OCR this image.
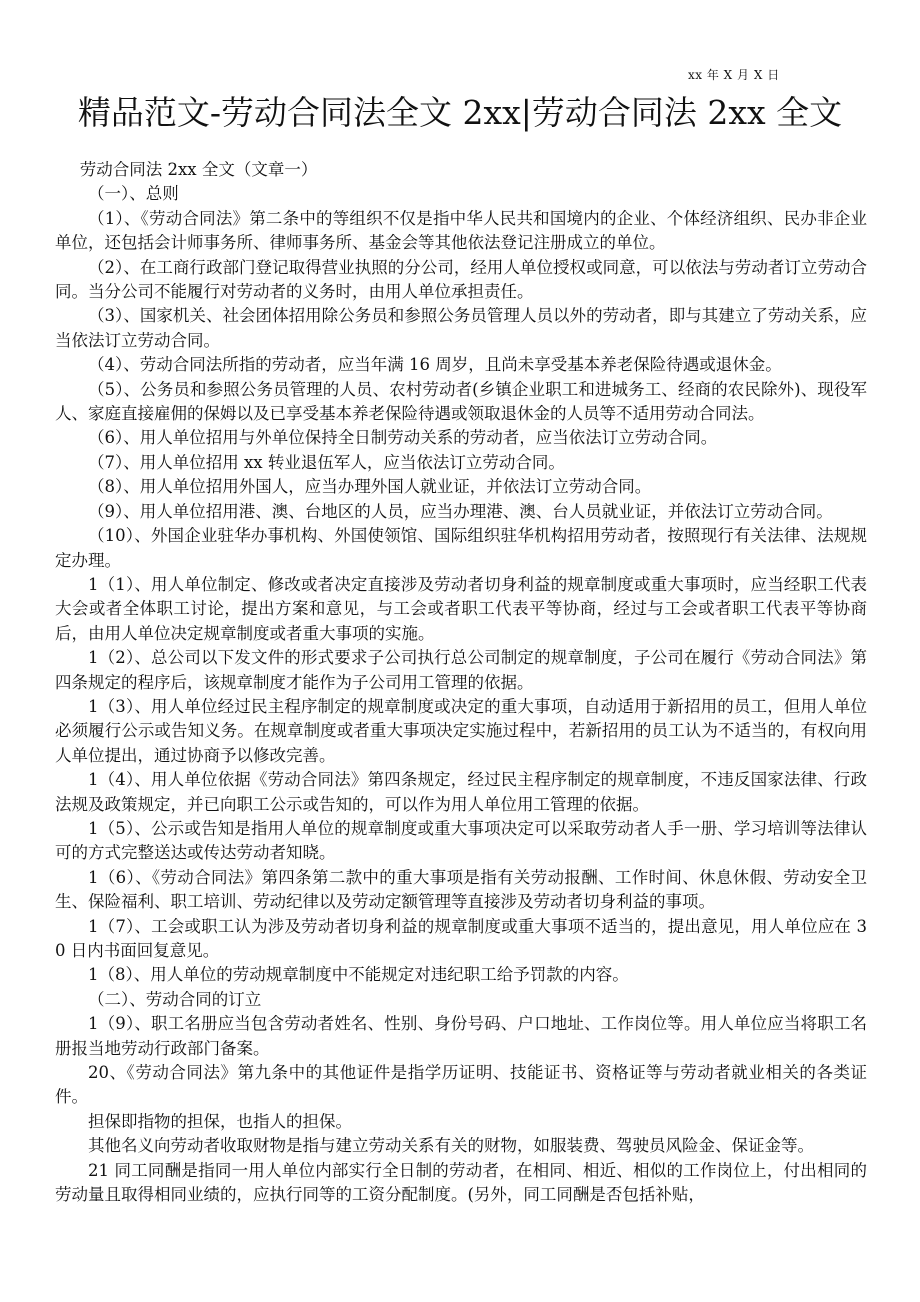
xx 年 X 月 X 日
精品范文-劳动合同法全文 2xx|劳动合同法 2xx 全文

劳动合同法 2xx 全文（文章一）

（一）、总则

（1）、《劳动合同法》第二条中的等组织不仅是指中华人民共和国境内的企业、个体经济组织、民办非企业单位，还包括会计师事务所、律师事务所、基金会等其他依法登记注册成立的单位。

（2）、在工商行政部门登记取得营业执照的分公司，经用人单位授权或同意，可以依法与劳动者订立劳动合同。当分公司不能履行对劳动者的义务时，由用人单位承担责任。

（3）、国家机关、社会团体招用除公务员和参照公务员管理人员以外的劳动者，即与其建立了劳动关系，应当依法订立劳动合同。

（4）、劳动合同法所指的劳动者，应当年满 16 周岁，且尚未享受基本养老保险待遇或退休金。

（5）、公务员和参照公务员管理的人员、农村劳动者(乡镇企业职工和进城务工、经商的农民除外)、现役军人、家庭直接雇佣的保姆以及已享受基本养老保险待遇或领取退休金的人员等不适用劳动合同法。

（6）、用人单位招用与外单位保持全日制劳动关系的劳动者，应当依法订立劳动合同。

（7）、用人单位招用 xx 转业退伍军人，应当依法订立劳动合同。

（8）、用人单位招用外国人，应当办理外国人就业证，并依法订立劳动合同。

（9）、用人单位招用港、澳、台地区的人员，应当办理港、澳、台人员就业证，并依法订立劳动合同。

（10）、外国企业驻华办事机构、外国使领馆、国际组织驻华机构招用劳动者，按照现行有关法律、法规规定办理。

1（1）、用人单位制定、修改或者决定直接涉及劳动者切身利益的规章制度或重大事项时，应当经职工代表大会或者全体职工讨论，提出方案和意见，与工会或者职工代表平等协商，经过与工会或者职工代表平等协商后，由用人单位决定规章制度或者重大事项的实施。

1（2）、总公司以下发文件的形式要求子公司执行总公司制定的规章制度，子公司在履行《劳动合同法》第四条规定的程序后，该规章制度才能作为子公司用工管理的依据。

1（3）、用人单位经过民主程序制定的规章制度或决定的重大事项，自动适用于新招用的员工，但用人单位必须履行公示或告知义务。在规章制度或者重大事项决定实施过程中，若新招用的员工认为不适当的，有权向用人单位提出，通过协商予以修改完善。

1（4）、用人单位依据《劳动合同法》第四条规定，经过民主程序制定的规章制度，不违反国家法律、行政法规及政策规定，并已向职工公示或告知的，可以作为用人单位用工管理的依据。

1（5）、公示或告知是指用人单位的规章制度或重大事项决定可以采取劳动者人手一册、学习培训等法律认可的方式完整送达或传达劳动者知晓。

1（6）、《劳动合同法》第四条第二款中的重大事项是指有关劳动报酬、工作时间、休息休假、劳动安全卫生、保险福利、职工培训、劳动纪律以及劳动定额管理等直接涉及劳动者切身利益的事项。

1（7）、工会或职工认为涉及劳动者切身利益的规章制度或重大事项不适当的，提出意见，用人单位应在 30 日内书面回复意见。

1（8）、用人单位的劳动规章制度中不能规定对违纪职工给予罚款的内容。

（二）、劳动合同的订立

1（9）、职工名册应当包含劳动者姓名、性别、身份号码、户口地址、工作岗位等。用人单位应当将职工名册报当地劳动行政部门备案。

20、《劳动合同法》第九条中的其他证件是指学历证明、技能证书、资格证等与劳动者就业相关的各类证件。

担保即指物的担保，也指人的担保。

其他名义向劳动者收取财物是指与建立劳动关系有关的财物，如服装费、驾驶员风险金、保证金等。

21 同工同酬是指同一用人单位内部实行全日制的劳动者，在相同、相近、相似的工作岗位上，付出相同的劳动量且取得相同业绩的，应执行同等的工资分配制度。(另外，同工同酬是否包括补贴，
